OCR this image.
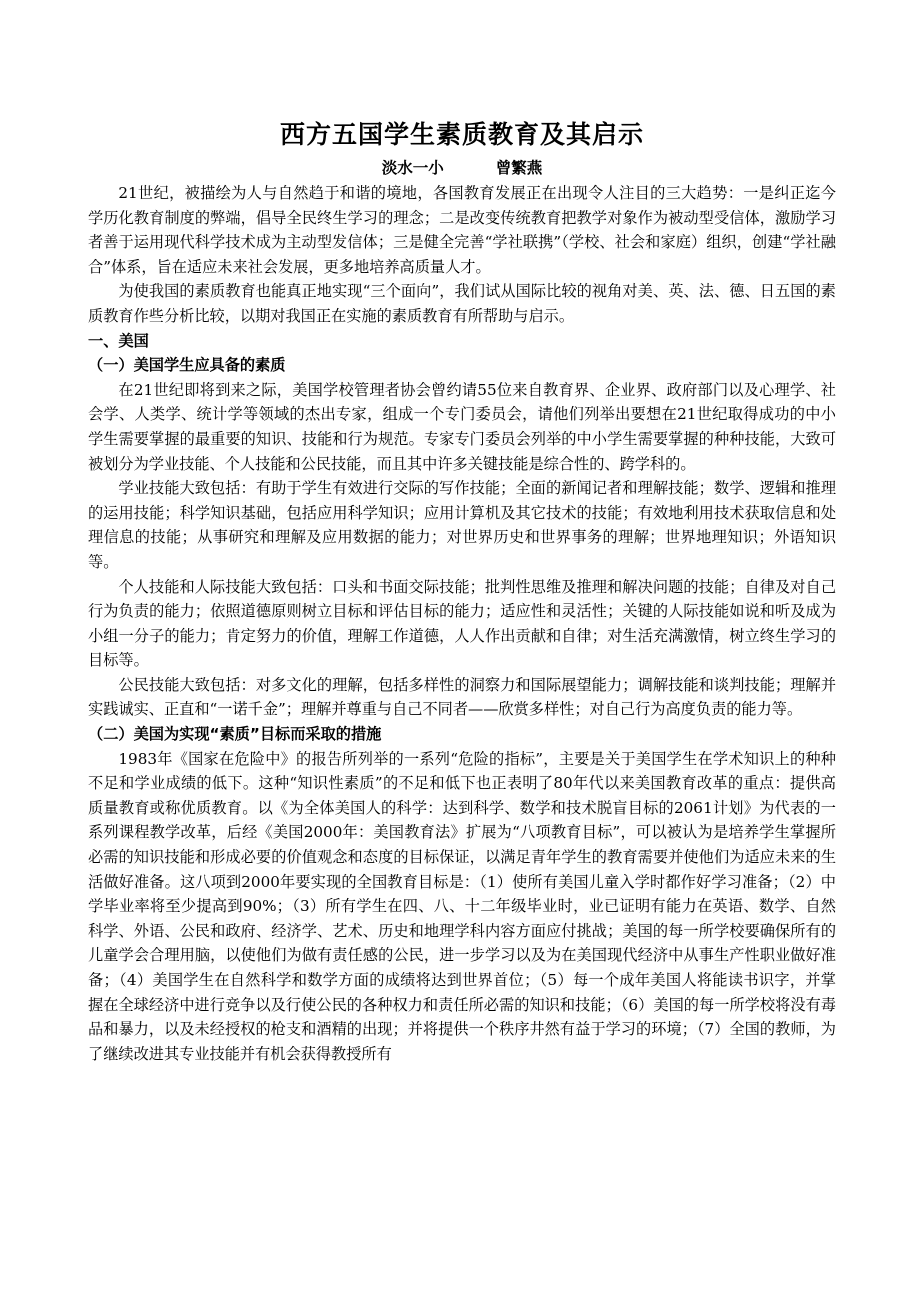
西方五国学生素质教育及其启示

淡水一小	曾繁燕

21世纪，被描绘为人与自然趋于和谐的境地，各国教育发展正在出现令人注目的三大趋势：一是纠正迄今学历化教育制度的弊端，倡导全民终生学习的理念；二是改变传统教育把教学对象作为被动型受信体，激励学习者善于运用现代科学技术成为主动型发信体；三是健全完善“学社联携”（学校、社会和家庭）组织，创建“学社融合”体系，旨在适应未来社会发展，更多地培养高质量人才。

为使我国的素质教育也能真正地实现“三个面向”，我们试从国际比较的视角对美、英、法、德、日五国的素质教育作些分析比较，以期对我国正在实施的素质教育有所帮助与启示。

一、美国

（一）美国学生应具备的素质

在21世纪即将到来之际，美国学校管理者协会曾约请55位来自教育界、企业界、政府部门以及心理学、社会学、人类学、统计学等领域的杰出专家，组成一个专门委员会，请他们列举出要想在21世纪取得成功的中小学生需要掌握的最重要的知识、技能和行为规范。专家专门委员会列举的中小学生需要掌握的种种技能，大致可被划分为学业技能、个人技能和公民技能，而且其中许多关键技能是综合性的、跨学科的。

学业技能大致包括：有助于学生有效进行交际的写作技能；全面的新闻记者和理解技能；数学、逻辑和推理的运用技能；科学知识基础，包括应用科学知识；应用计算机及其它技术的技能；有效地利用技术获取信息和处理信息的技能；从事研究和理解及应用数据的能力；对世界历史和世界事务的理解；世界地理知识；外语知识等。

个人技能和人际技能大致包括：口头和书面交际技能；批判性思维及推理和解决问题的技能；自律及对自己行为负责的能力；依照道德原则树立目标和评估目标的能力；适应性和灵活性；关键的人际技能如说和听及成为小组一分子的能力；肯定努力的价值，理解工作道德，人人作出贡献和自律；对生活充满激情，树立终生学习的目标等。

公民技能大致包括：对多文化的理解，包括多样性的洞察力和国际展望能力；调解技能和谈判技能；理解并实践诚实、正直和“一诺千金”；理解并尊重与自己不同者——欣赏多样性；对自己行为高度负责的能力等。

（二）美国为实现“素质”目标而采取的措施

1983年《国家在危险中》的报告所列举的一系列“危险的指标”，主要是关于美国学生在学术知识上的种种不足和学业成绩的低下。这种“知识性素质”的不足和低下也正表明了80年代以来美国教育改革的重点：提供高质量教育或称优质教育。以《为全体美国人的科学：达到科学、数学和技术脱盲目标的2061计划》为代表的一系列课程教学改革，后经《美国2000年：美国教育法》扩展为“八项教育目标”，可以被认为是培养学生掌握所必需的知识技能和形成必要的价值观念和态度的目标保证，以满足青年学生的教育需要并使他们为适应未来的生活做好准备。这八项到2000年要实现的全国教育目标是：（1）使所有美国儿童入学时都作好学习准备；（2）中学毕业率将至少提高到90%；（3）所有学生在四、八、十二年级毕业时，业已证明有能力在英语、数学、自然科学、外语、公民和政府、经济学、艺术、历史和地理学科内容方面应付挑战；美国的每一所学校要确保所有的儿童学会合理用脑，以使他们为做有责任感的公民，进一步学习以及为在美国现代经济中从事生产性职业做好准备；（4）美国学生在自然科学和数学方面的成绩将达到世界首位；（5）每一个成年美国人将能读书识字，并掌握在全球经济中进行竞争以及行使公民的各种权力和责任所必需的知识和技能；（6）美国的每一所学校将没有毒品和暴力，以及未经授权的枪支和酒精的出现；并将提供一个秩序井然有益于学习的环境；（7）全国的教师，为了继续改进其专业技能并有机会获得教授所有
